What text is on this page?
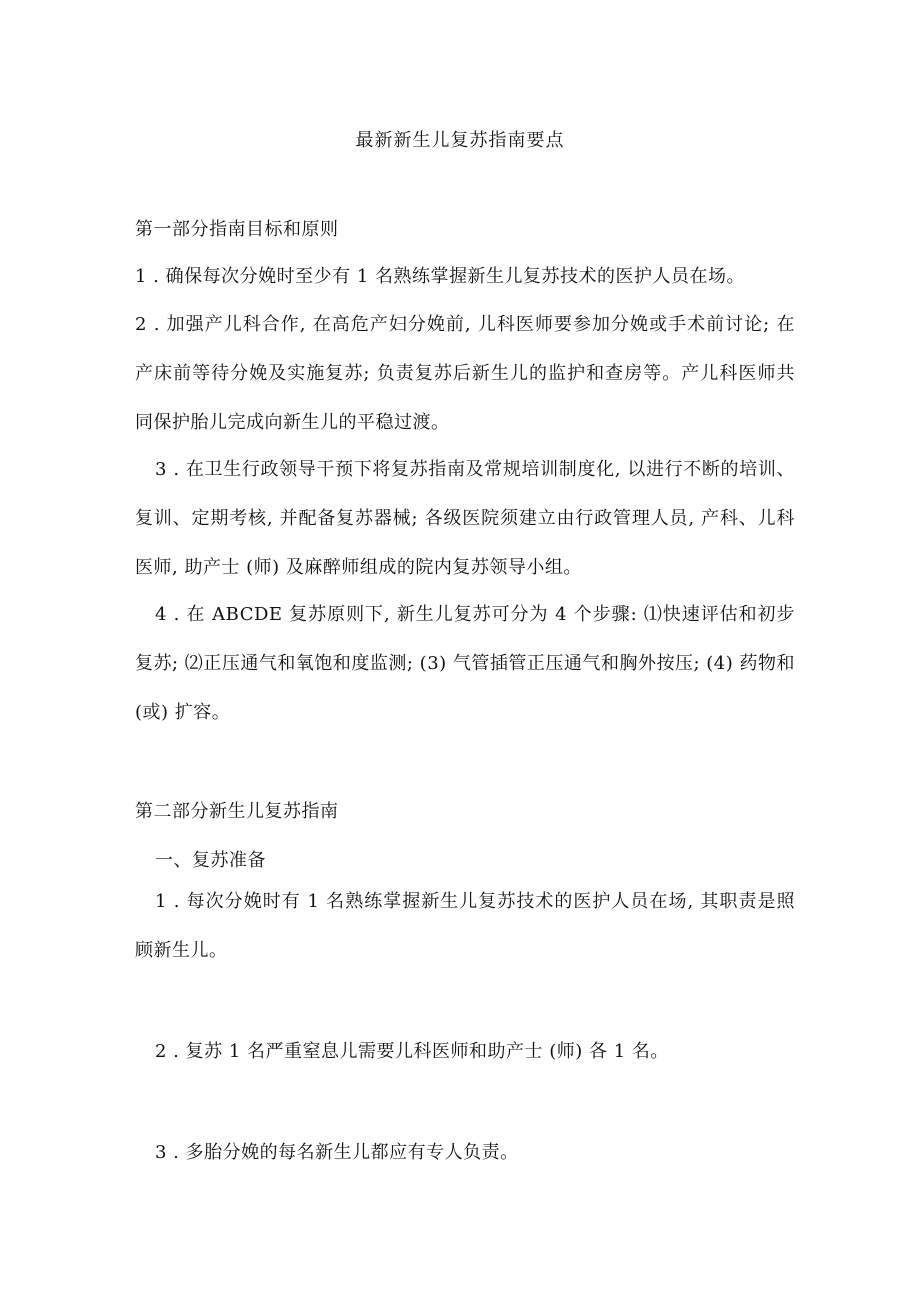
最新新生儿复苏指南要点
第一部分指南目标和原则
1 . 确保每次分娩时至少有 1 名熟练掌握新生儿复苏技术的医护人员在场。
2 . 加强产儿科合作, 在高危产妇分娩前, 儿科医师要参加分娩或手术前讨论; 在产床前等待分娩及实施复苏; 负责复苏后新生儿的监护和查房等。产儿科医师共同保护胎儿完成向新生儿的平稳过渡。
3 . 在卫生行政领导干预下将复苏指南及常规培训制度化, 以进行不断的培训、复训、定期考核, 并配备复苏器械; 各级医院须建立由行政管理人员, 产科、儿科医师, 助产士 (师) 及麻醉师组成的院内复苏领导小组。
4 . 在 ABCDE 复苏原则下, 新生儿复苏可分为 4 个步骤: ⑴快速评估和初步复苏; ⑵正压通气和氧饱和度监测; (3) 气管插管正压通气和胸外按压; (4) 药物和 (或) 扩容。
第二部分新生儿复苏指南
一、复苏准备
1 . 每次分娩时有 1 名熟练掌握新生儿复苏技术的医护人员在场, 其职责是照顾新生儿。
2 . 复苏 1 名严重窒息儿需要儿科医师和助产士 (师) 各 1 名。
3 . 多胎分娩的每名新生儿都应有专人负责。
